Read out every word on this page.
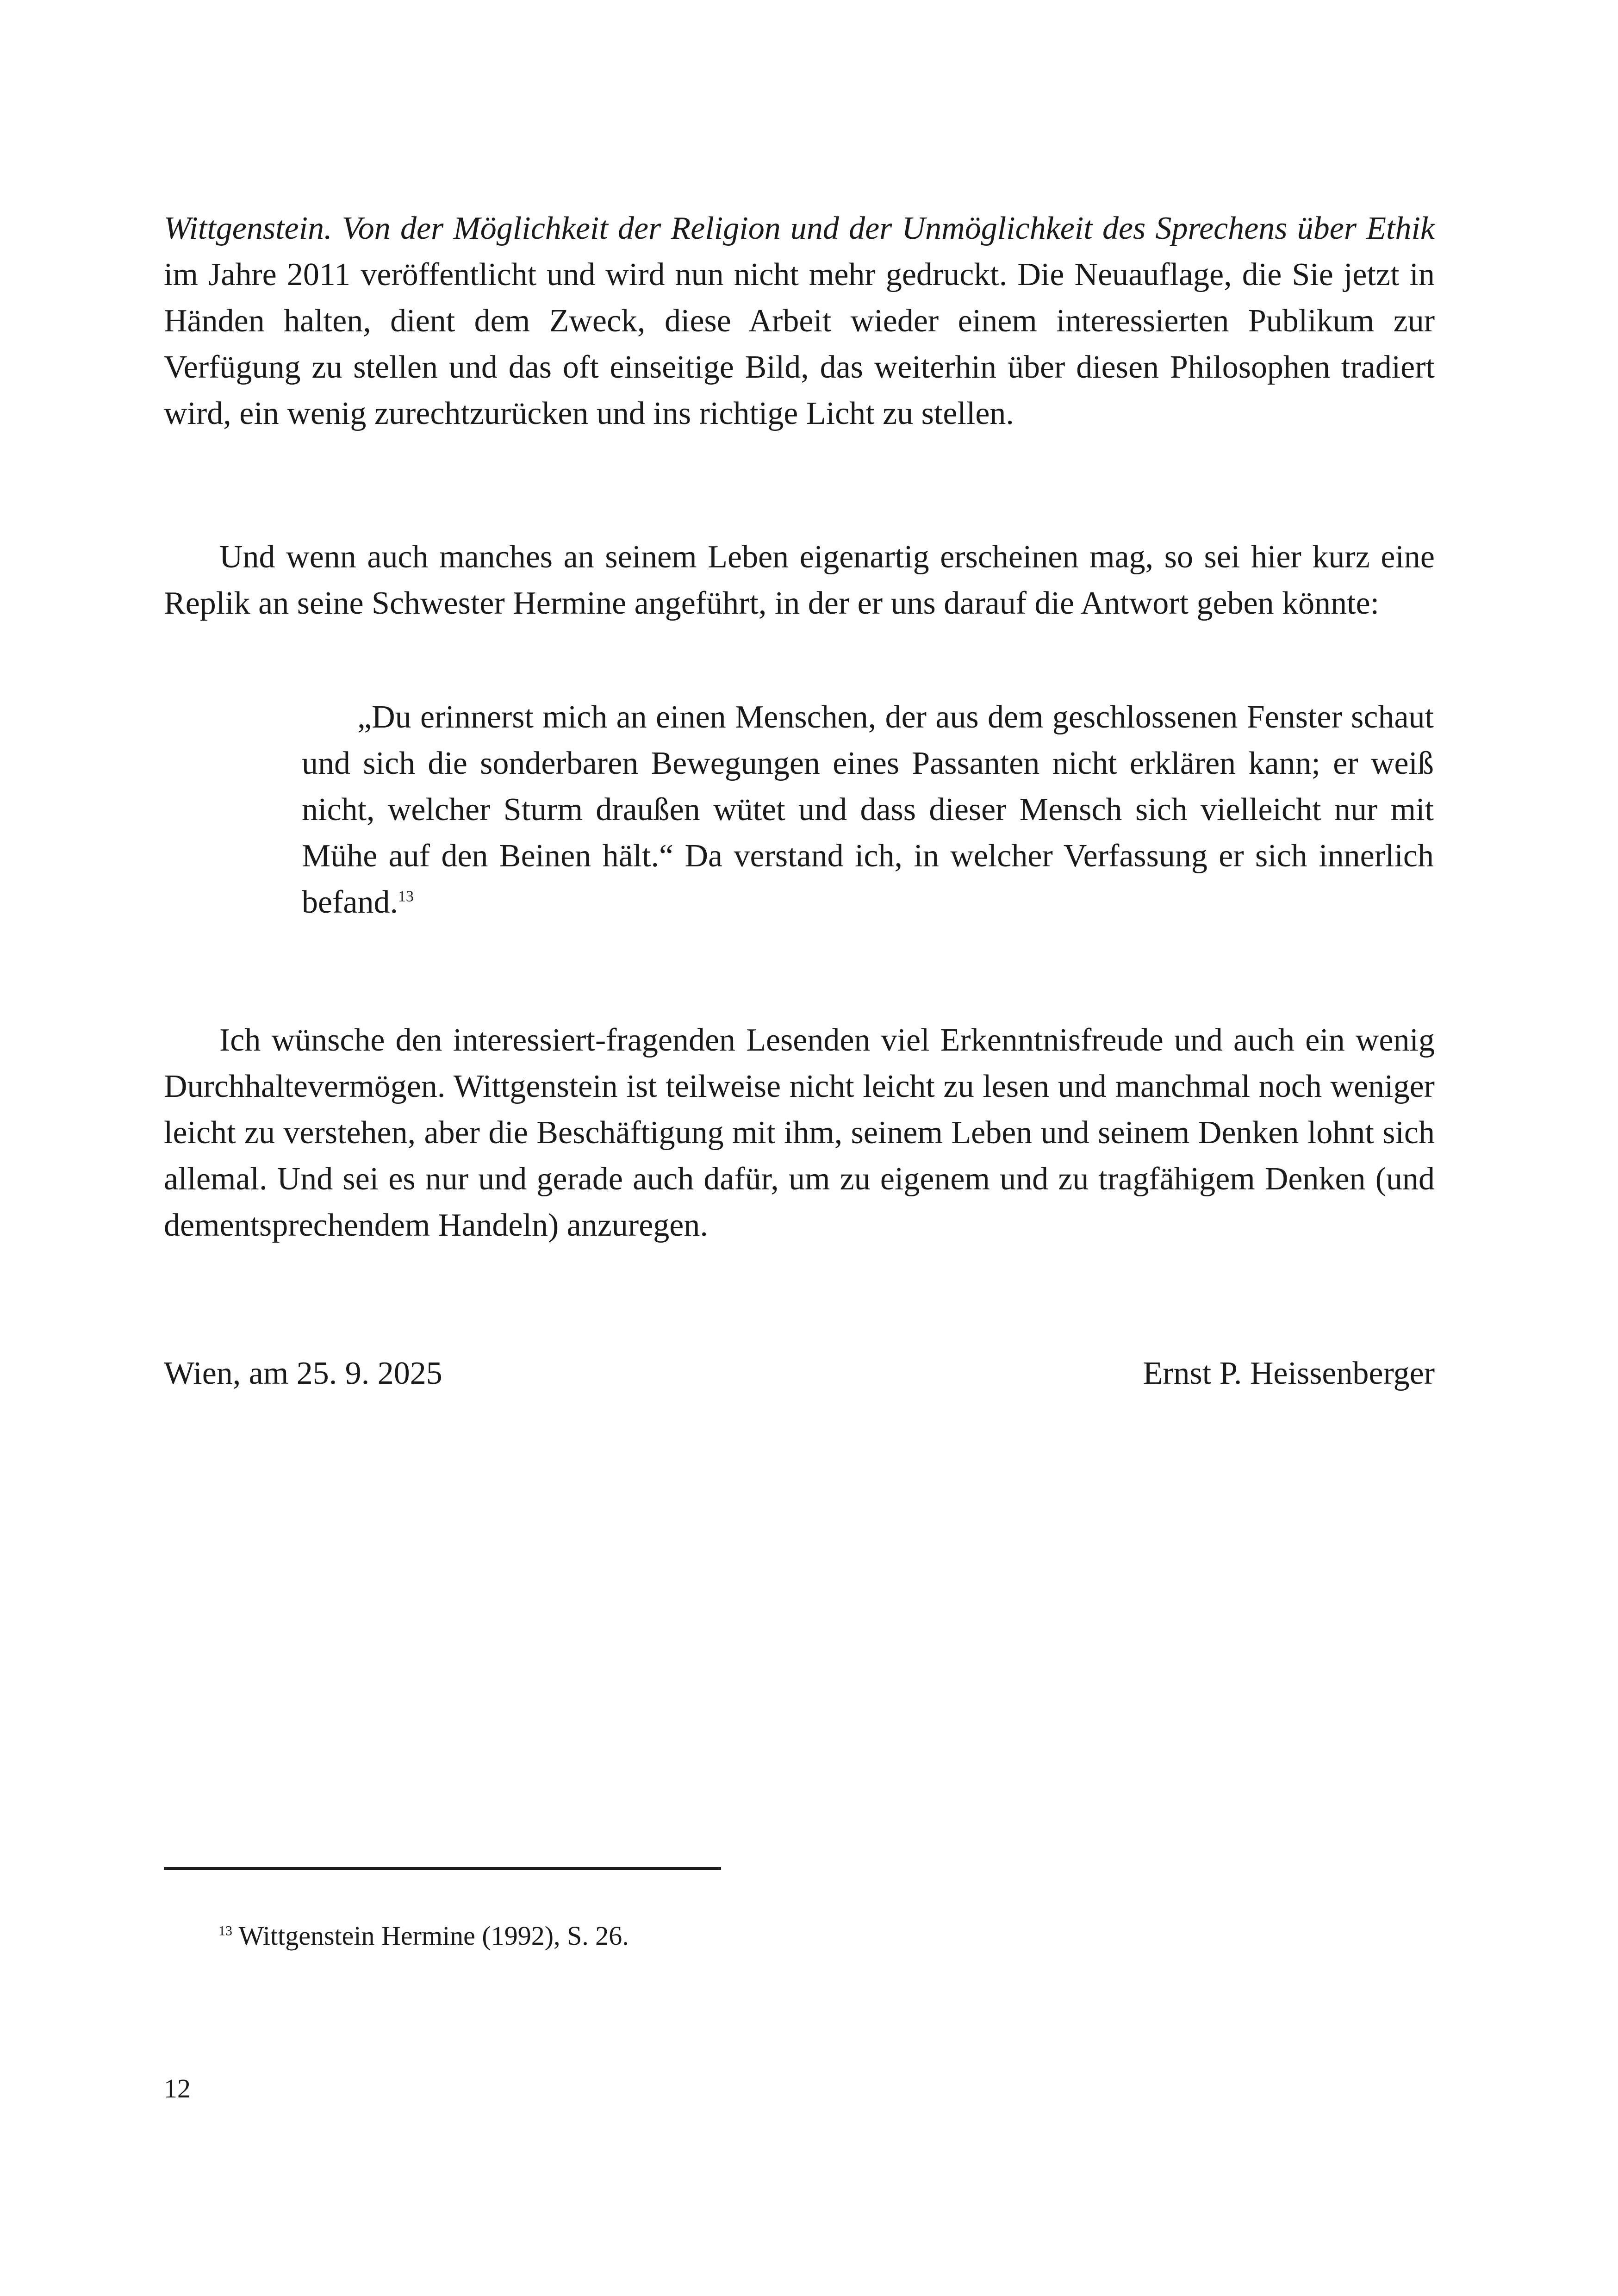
Wittgenstein. Von der Möglichkeit der Religion und der Unmöglichkeit des Sprechens über Ethik im Jahre 2011 veröffentlicht und wird nun nicht mehr gedruckt. Die Neuauflage, die Sie jetzt in Händen halten, dient dem Zweck, diese Arbeit wieder einem interessierten Publikum zur Verfügung zu stellen und das oft einseitige Bild, das weiterhin über diesen Philosophen tradiert wird, ein wenig zurechtzurücken und ins richtige Licht zu stellen.

Und wenn auch manches an seinem Leben eigenartig erscheinen mag, so sei hier kurz eine Replik an seine Schwester Hermine angeführt, in der er uns darauf die Antwort geben könnte:

„Du erinnerst mich an einen Menschen, der aus dem geschlossenen Fenster schaut und sich die sonderbaren Bewegungen eines Passanten nicht erklären kann; er weiß nicht, welcher Sturm draußen wütet und dass dieser Mensch sich vielleicht nur mit Mühe auf den Beinen hält.“ Da verstand ich, in welcher Verfassung er sich innerlich befand.$^{13}$

Ich wünsche den interessiert-fragenden Lesenden viel Erkenntnisfreude und auch ein wenig Durchhaltevermögen. Wittgenstein ist teilweise nicht leicht zu lesen und manchmal noch weniger leicht zu verstehen, aber die Beschäftigung mit ihm, seinem Leben und seinem Denken lohnt sich allemal. Und sei es nur und gerade auch dafür, um zu eigenem und zu tragfähigem Denken (und dementsprechendem Handeln) anzuregen.

Wien, am 25. 9. 2025	Ernst P. Heissenberger
$^{13}$ Wittgenstein Hermine (1992), S. 26.
12
